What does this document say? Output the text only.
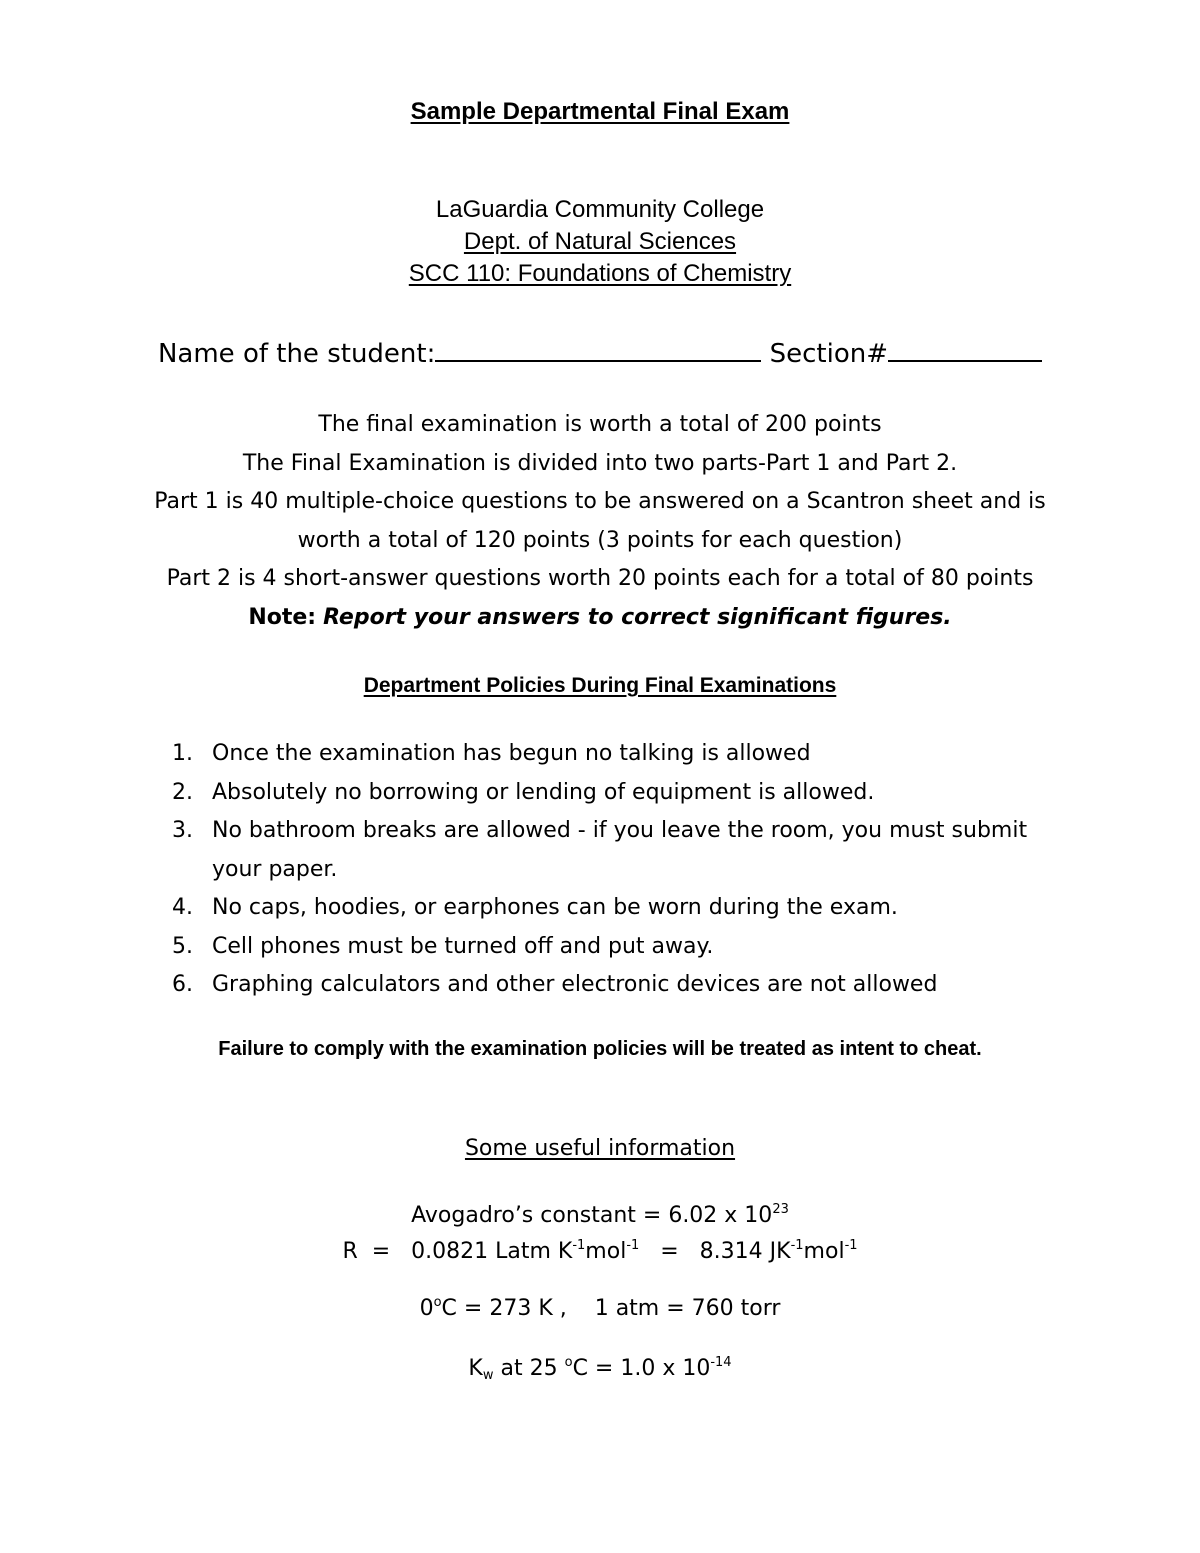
Sample Departmental Final Exam
LaGuardia Community College
Dept. of Natural Sciences
SCC 110: Foundations of Chemistry
Name of the student:	Section#
The final examination is worth a total of 200 points
The Final Examination is divided into two parts-Part 1 and Part 2.
Part 1 is 40 multiple-choice questions to be answered on a Scantron sheet and is
worth a total of 120 points (3 points for each question)
Part 2 is 4 short-answer questions worth 20 points each for a total of 80 points
Note: Report your answers to correct significant figures.
Department Policies During Final Examinations
1. Once the examination has begun no talking is allowed
2. Absolutely no borrowing or lending of equipment is allowed.
3. No bathroom breaks are allowed - if you leave the room, you must submit your paper.
4. No caps, hoodies, or earphones can be worn during the exam.
5. Cell phones must be turned off and put away.
6. Graphing calculators and other electronic devices are not allowed
Failure to comply with the examination policies will be treated as intent to cheat.
Some useful information
Avogadro’s constant = 6.02 x $10^{23}$
R  =   0.0821 Latm $K^{-1}mol^{-1} = 8.314$ $JK^{-1}mol^{-1}$
$0^oC = 273$ K ,    1 atm = 760 torr
$K_w$ at 25 $^o$C = 1.0 x $10^{-14}$
